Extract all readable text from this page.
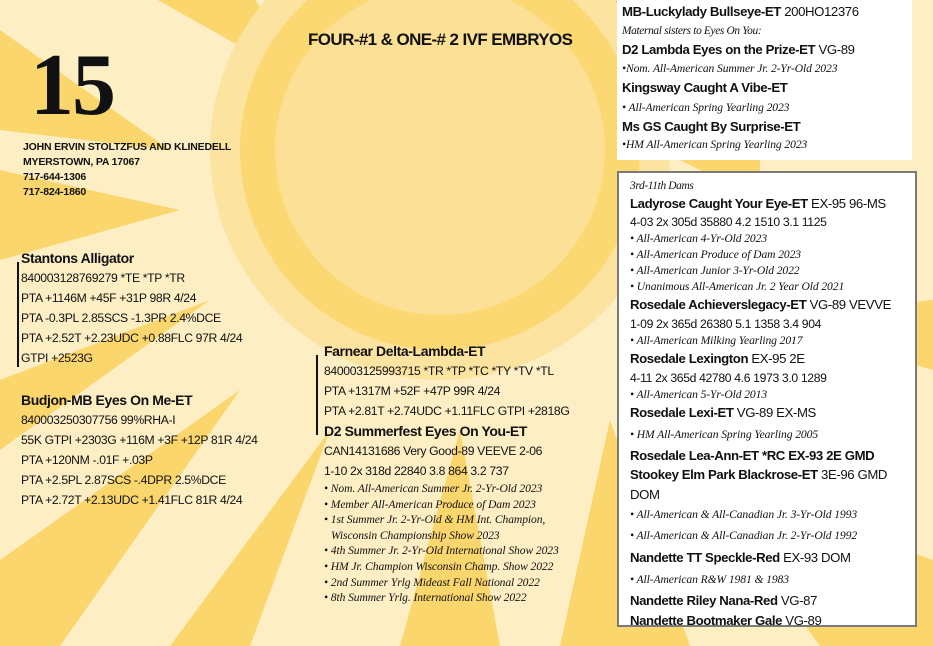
15
JOHN ERVIN STOLTZFUS AND KLINEDELL
MYERSTOWN, PA 17067
717-644-1306
717-824-1860
FOUR-#1 & ONE-# 2 IVF EMBRYOS
Stantons Alligator
840003128769279 *TE *TP *TR
PTA +1146M +45F +31P 98R 4/24
PTA -0.3PL 2.85SCS -1.3PR 2.4%DCE
PTA +2.52T +2.23UDC +0.88FLC 97R 4/24
GTPI +2523G
Budjon-MB Eyes On Me-ET
840003250307756 99%RHA-I
55K GTPI +2303G +116M +3F +12P 81R 4/24
PTA +120NM -.01F +.03P
PTA +2.5PL 2.87SCS -.4DPR 2.5%DCE
PTA +2.72T +2.13UDC +1.41FLC 81R 4/24
Farnear Delta-Lambda-ET
840003125993715 *TR *TP *TC *TY *TV *TL
PTA +1317M +52F +47P 99R 4/24
PTA +2.81T +2.74UDC +1.11FLC GTPI +2818G
D2 Summerfest Eyes On You-ET
CAN14131686 Very Good-89 VEEVE 2-06
1-10 2x 318d 22840 3.8 864 3.2 737
• Nom. All-American Summer Jr. 2-Yr-Old 2023
• Member All-American Produce of Dam 2023
• 1st Summer Jr. 2-Yr-Old & HM Int. Champion,
Wisconsin Championship Show 2023
• 4th Summer Jr. 2-Yr-Old International Show 2023
• HM Jr. Champion Wisconsin Champ. Show 2022
• 2nd Summer Yrlg Mideast Fall National 2022
• 8th Summer Yrlg. International Show 2022
MB-Luckylady Bullseye-ET 200HO12376
Maternal sisters to Eyes On You:
D2 Lambda Eyes on the Prize-ET VG-89
•Nom. All-American Summer Jr. 2-Yr-Old 2023
Kingsway Caught A Vibe-ET
• All-American Spring Yearling 2023
Ms GS Caught By Surprise-ET
•HM All-American Spring Yearling 2023
3rd-11th Dams
Ladyrose Caught Your Eye-ET EX-95 96-MS
4-03 2x 305d 35880 4.2 1510 3.1 1125
• All-American 4-Yr-Old 2023
• All-American Produce of Dam 2023
• All-American Junior 3-Yr-Old 2022
• Unanimous All-American Jr. 2 Year Old 2021
Rosedale Achieverslegacy-ET VG-89 VEVVE
1-09 2x 365d 26380 5.1 1358 3.4 904
• All-American Milking Yearling 2017
Rosedale Lexington EX-95 2E
4-11 2x 365d 42780 4.6 1973 3.0 1289
• All-American 5-Yr-Old 2013
Rosedale Lexi-ET VG-89 EX-MS
• HM All-American Spring Yearling 2005
Rosedale Lea-Ann-ET *RC EX-93 2E GMD
Stookey Elm Park Blackrose-ET 3E-96 GMD DOM
• All-American & All-Canadian Jr. 3-Yr-Old 1993
• All-American & All-Canadian Jr. 2-Yr-Old 1992
Nandette TT Speckle-Red EX-93 DOM
• All-American R&W 1981 & 1983
Nandette Riley Nana-Red VG-87
Nandette Bootmaker Gale VG-89
